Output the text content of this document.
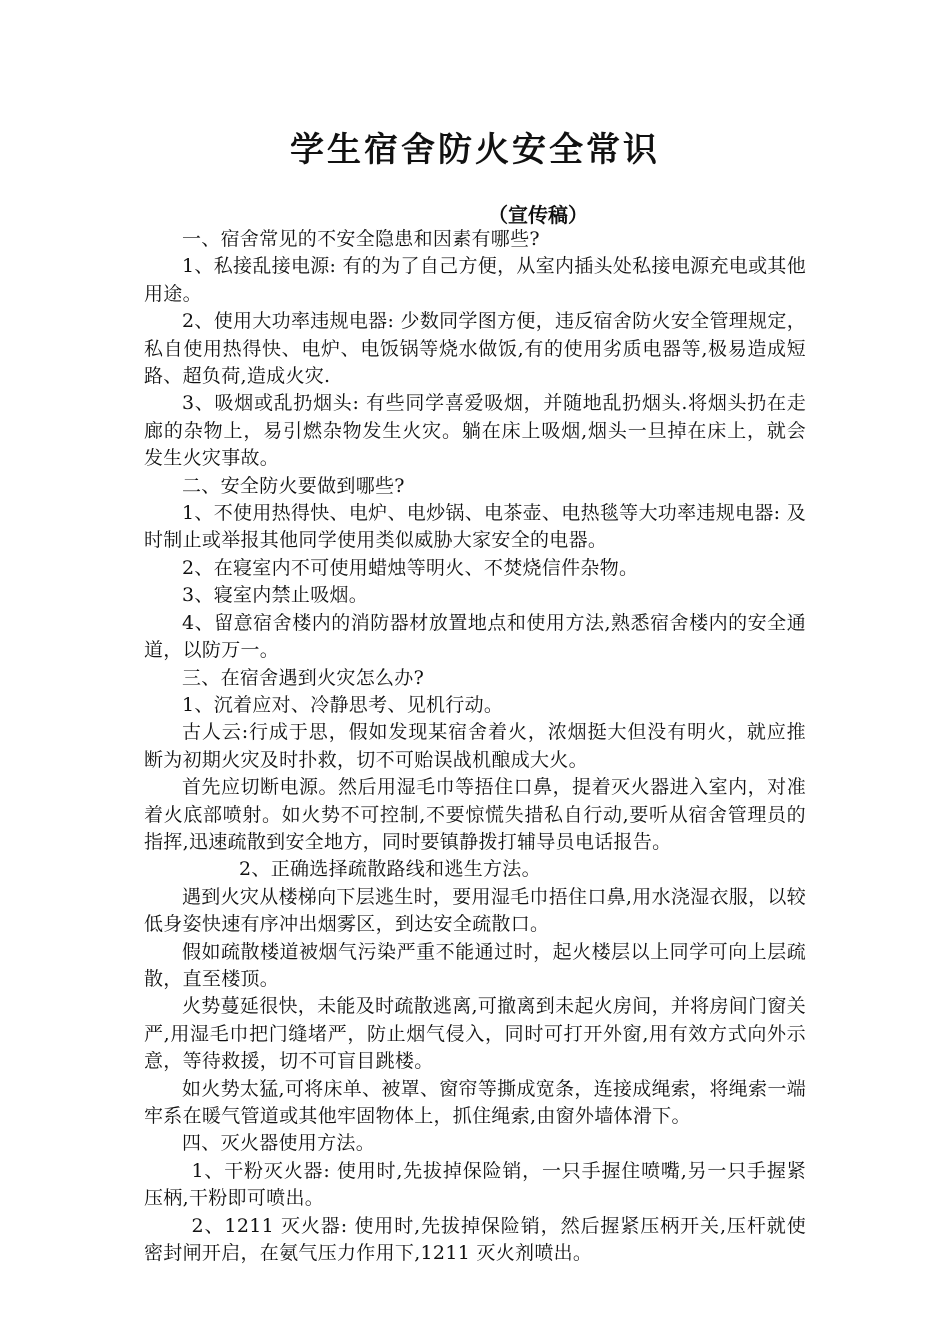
学生宿舍防火安全常识
（宣传稿）

一、宿舍常见的不安全隐患和因素有哪些?

1、私接乱接电源: 有的为了自己方便，从室内插头处私接电源充电或其他用途。

2、使用大功率违规电器: 少数同学图方便，违反宿舍防火安全管理规定，私自使用热得快、电炉、电饭锅等烧水做饭,有的使用劣质电器等,极易造成短路、超负荷,造成火灾.

3、吸烟或乱扔烟头: 有些同学喜爱吸烟，并随地乱扔烟头.将烟头扔在走廊的杂物上，易引燃杂物发生火灾。躺在床上吸烟,烟头一旦掉在床上，就会发生火灾事故。

二、安全防火要做到哪些?

1、不使用热得快、电炉、电炒锅、电茶壶、电热毯等大功率违规电器: 及时制止或举报其他同学使用类似威胁大家安全的电器。

2、在寝室内不可使用蜡烛等明火、不焚烧信件杂物。

3、寝室内禁止吸烟。

4、留意宿舍楼内的消防器材放置地点和使用方法,熟悉宿舍楼内的安全通道，以防万一。

三、在宿舍遇到火灾怎么办?

1、沉着应对、冷静思考、见机行动。

古人云:行成于思，假如发现某宿舍着火，浓烟挺大但没有明火，就应推断为初期火灾及时扑救，切不可贻误战机酿成大火。

首先应切断电源。然后用湿毛巾等捂住口鼻，提着灭火器进入室内，对准着火底部喷射。如火势不可控制,不要惊慌失措私自行动,要听从宿舍管理员的指挥,迅速疏散到安全地方，同时要镇静拨打辅导员电话报告。

2、正确选择疏散路线和逃生方法。

遇到火灾从楼梯向下层逃生时，要用湿毛巾捂住口鼻,用水浇湿衣服，以较低身姿快速有序冲出烟雾区，到达安全疏散口。

假如疏散楼道被烟气污染严重不能通过时，起火楼层以上同学可向上层疏散，直至楼顶。

火势蔓延很快，未能及时疏散逃离,可撤离到未起火房间，并将房间门窗关严,用湿毛巾把门缝堵严，防止烟气侵入，同时可打开外窗,用有效方式向外示意，等待救援，切不可盲目跳楼。

如火势太猛,可将床单、被罩、窗帘等撕成宽条，连接成绳索，将绳索一端牢系在暖气管道或其他牢固物体上，抓住绳索,由窗外墙体滑下。

四、灭火器使用方法。

1、干粉灭火器: 使用时,先拔掉保险销，一只手握住喷嘴,另一只手握紧压柄,干粉即可喷出。

2、1211 灭火器: 使用时,先拔掉保险销，然后握紧压柄开关,压杆就使密封闸开启，在氨气压力作用下,1211 灭火剂喷出。
